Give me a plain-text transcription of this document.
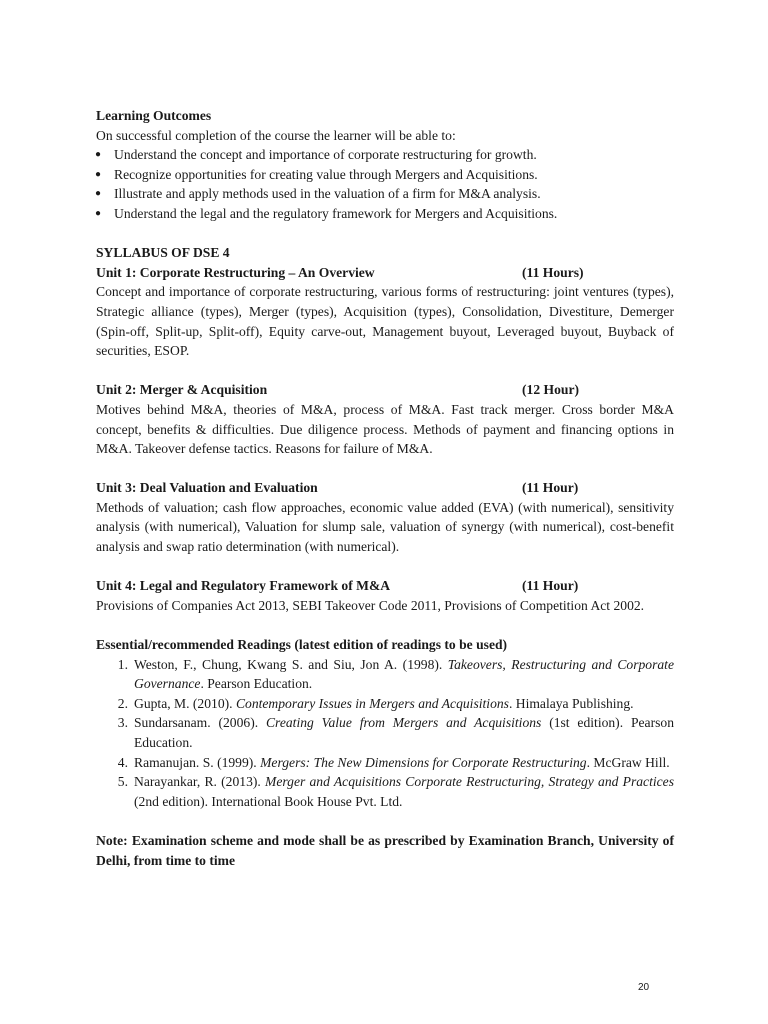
Learning Outcomes
On successful completion of the course the learner will be able to:
● Understand the concept and importance of corporate restructuring for growth.
● Recognize opportunities for creating value through Mergers and Acquisitions.
● Illustrate and apply methods used in the valuation of a firm for M&A analysis.
● Understand the legal and the regulatory framework for Mergers and Acquisitions.
SYLLABUS OF DSE 4
Unit 1: Corporate Restructuring – An Overview	(11 Hours)
Concept and importance of corporate restructuring, various forms of restructuring: joint ventures (types), Strategic alliance (types), Merger (types), Acquisition (types), Consolidation, Divestiture, Demerger (Spin-off, Split-up, Split-off), Equity carve-out, Management buyout, Leveraged buyout, Buyback of securities, ESOP.
Unit 2: Merger & Acquisition	(12 Hour)
Motives behind M&A, theories of M&A, process of M&A. Fast track merger. Cross border M&A concept, benefits & difficulties. Due diligence process. Methods of payment and financing options in M&A. Takeover defense tactics. Reasons for failure of M&A.
Unit 3: Deal Valuation and Evaluation	(11 Hour)
Methods of valuation; cash flow approaches, economic value added (EVA) (with numerical), sensitivity analysis (with numerical), Valuation for slump sale, valuation of synergy (with numerical), cost-benefit analysis and swap ratio determination (with numerical).
Unit 4: Legal and Regulatory Framework of M&A	(11 Hour)
Provisions of Companies Act 2013, SEBI Takeover Code 2011, Provisions of Competition Act 2002.
Essential/recommended Readings (latest edition of readings to be used)
1. Weston, F., Chung, Kwang S. and Siu, Jon A. (1998). Takeovers, Restructuring and Corporate Governance. Pearson Education.
2. Gupta, M. (2010). Contemporary Issues in Mergers and Acquisitions. Himalaya Publishing.
3. Sundarsanam. (2006). Creating Value from Mergers and Acquisitions (1st edition). Pearson Education.
4. Ramanujan. S. (1999). Mergers: The New Dimensions for Corporate Restructuring. McGraw Hill.
5. Narayankar, R. (2013). Merger and Acquisitions Corporate Restructuring, Strategy and Practices (2nd edition). International Book House Pvt. Ltd.
Note: Examination scheme and mode shall be as prescribed by Examination Branch, University of Delhi, from time to time
20
